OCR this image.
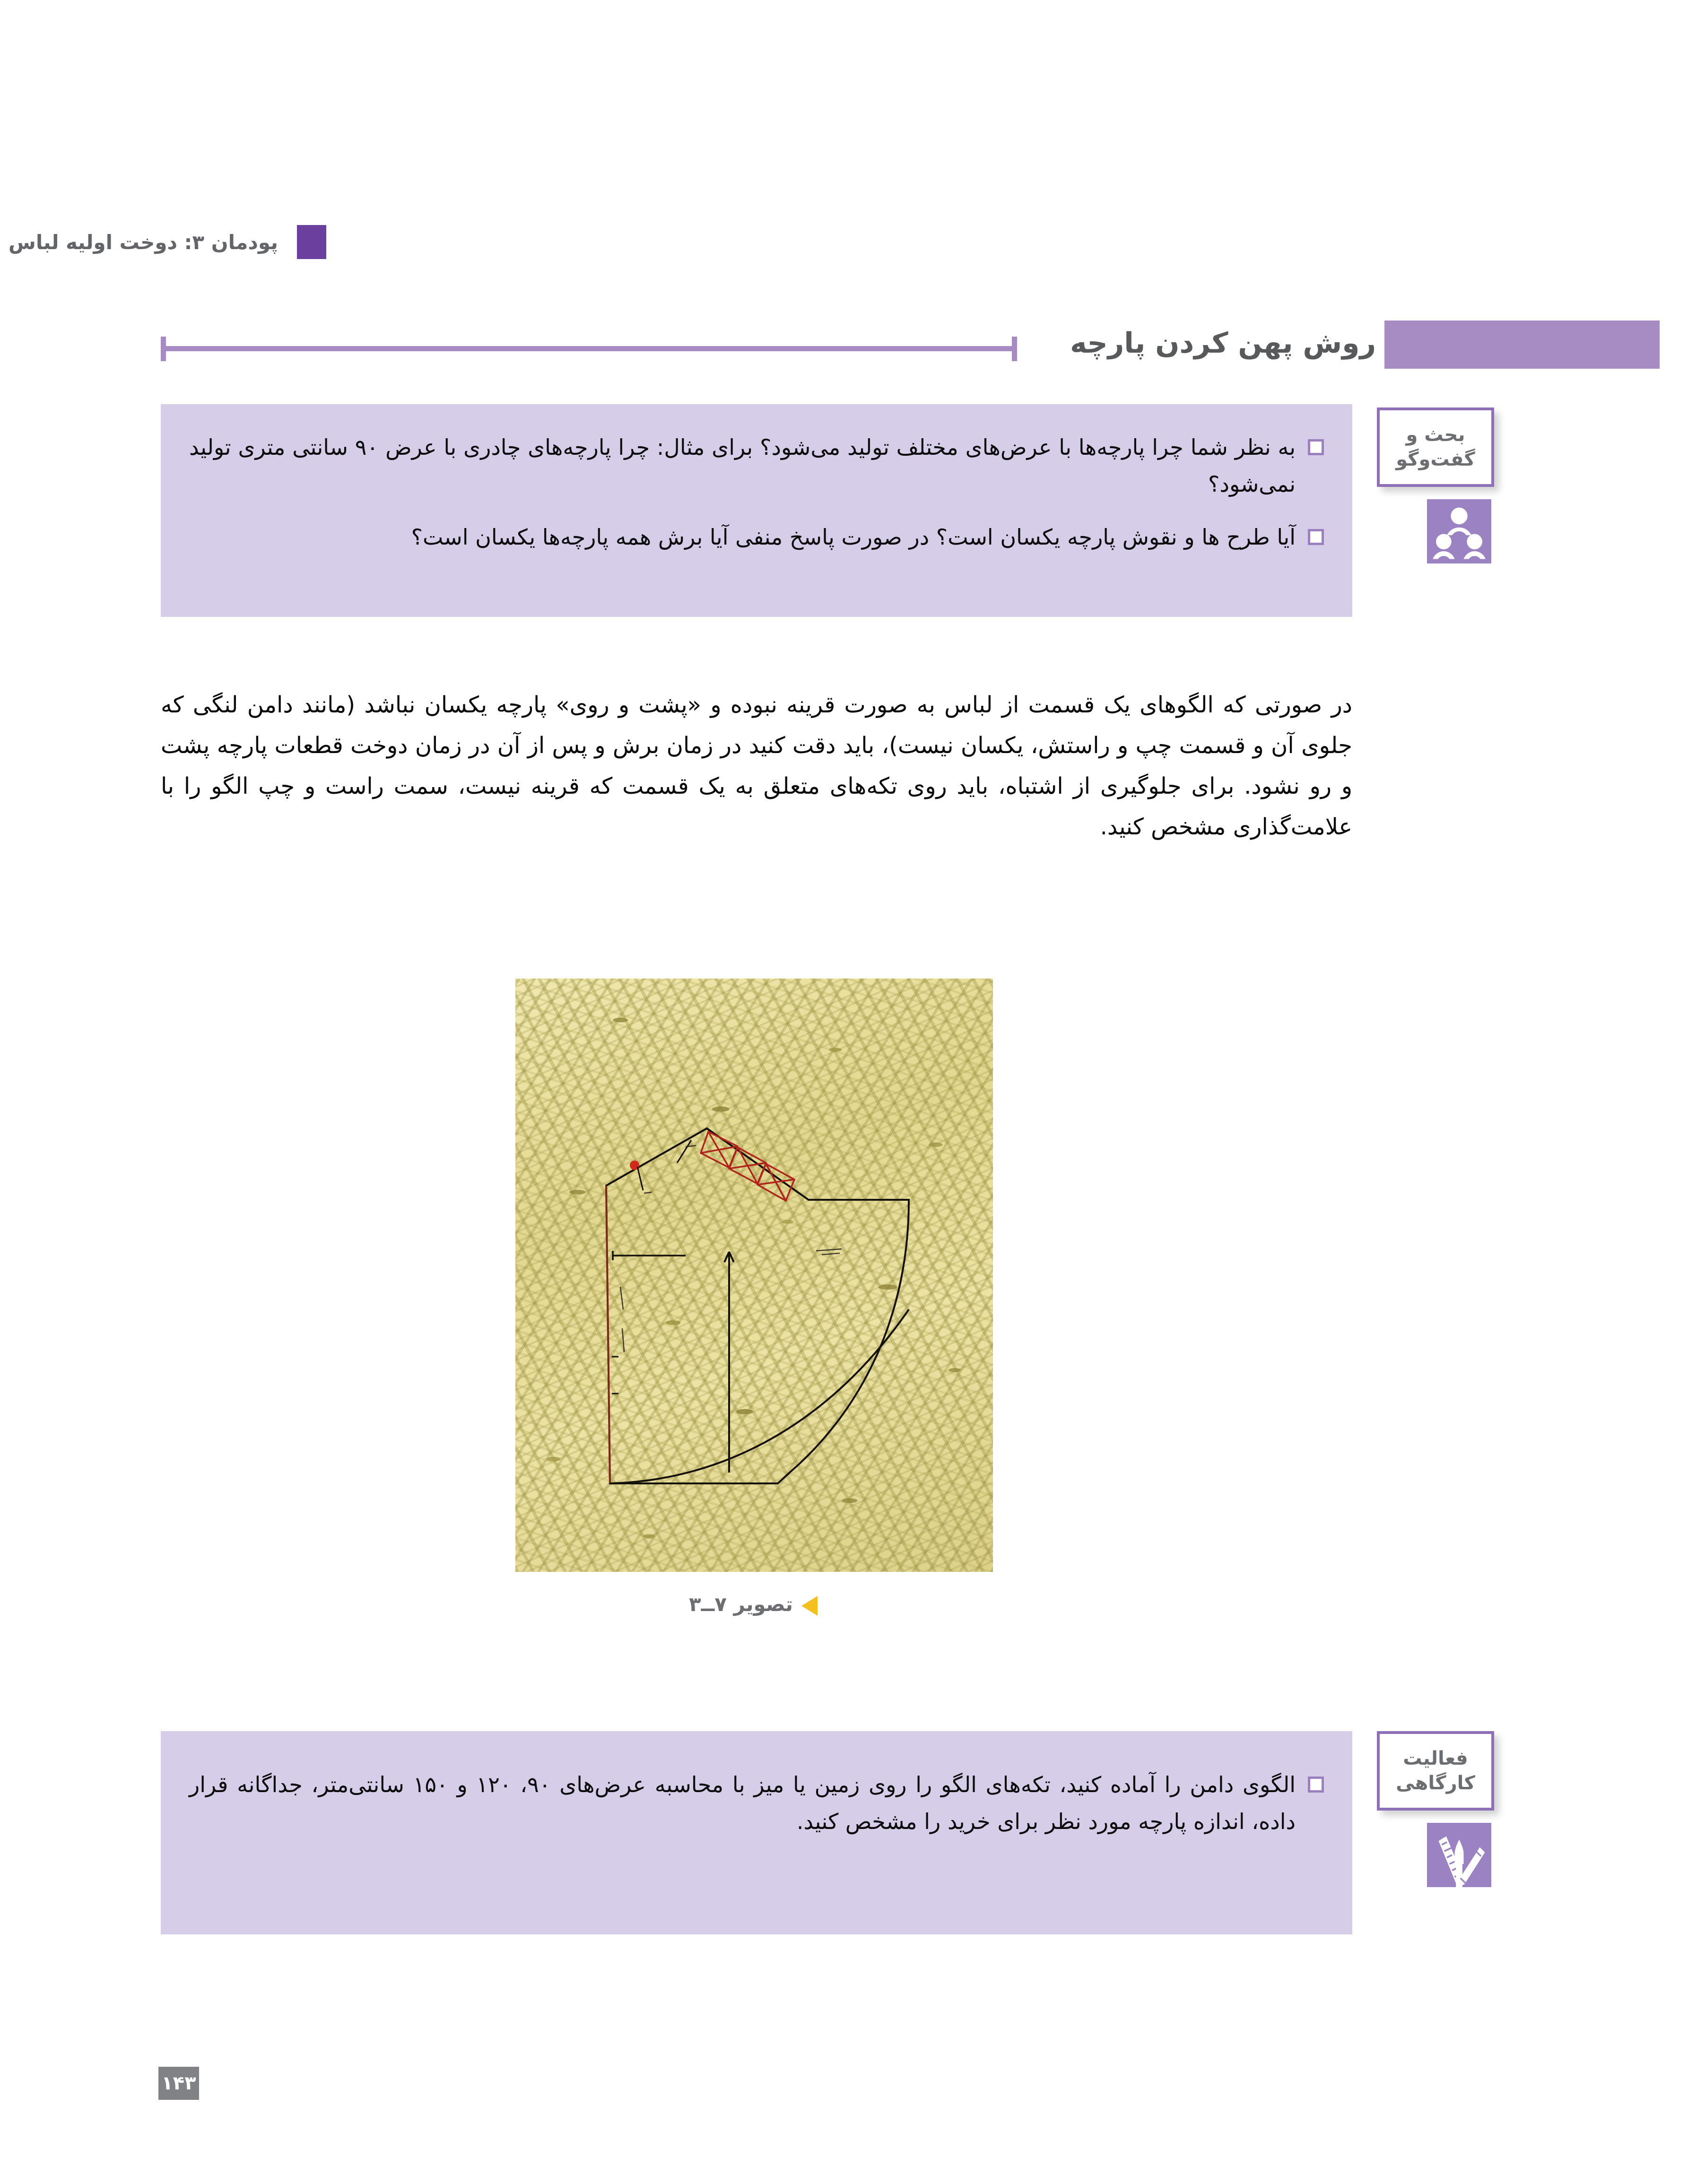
پودمان ۳: دوخت اولیه لباس
روش پهن کردن پارچه
به نظر شما چرا پارچه‌ها با عرض‌های مختلف تولید می‌شود؟ برای مثال: چرا پارچه‌های چادری با عرض ۹۰ سانتی متری تولید نمی‌شود؟
آیا طرح ها و نقوش پارچه یکسان است؟ در صورت پاسخ منفی آیا برش همه پارچه‌ها یکسان است؟
بحث و
گفت‌وگو

در صورتی که الگوهای یک قسمت از لباس به صورت قرینه نبوده و «پشت و روی» پارچه یکسان نباشد (مانند دامن لنگی که جلوی آن و قسمت چپ و راستش، یکسان نیست)، باید دقت کنید در زمان برش و پس از آن در زمان دوخت قطعات پارچه پشت و رو نشود. برای جلوگیری از اشتباه، باید روی تکه‌های متعلق به یک قسمت که قرینه نیست، سمت راست و چپ الگو را با علامت‌گذاری مشخص کنید.

تصویر ۷ــ۳
الگوی دامن را آماده کنید، تکه‌های الگو را روی زمین یا میز با محاسبه عرض‌های ۹۰، ۱۲۰ و ۱۵۰ سانتی‌متر، جداگانه قرار داده، اندازه پارچه مورد نظر برای خرید را مشخص کنید.
فعالیت
کارگاهی
۱۴۳
